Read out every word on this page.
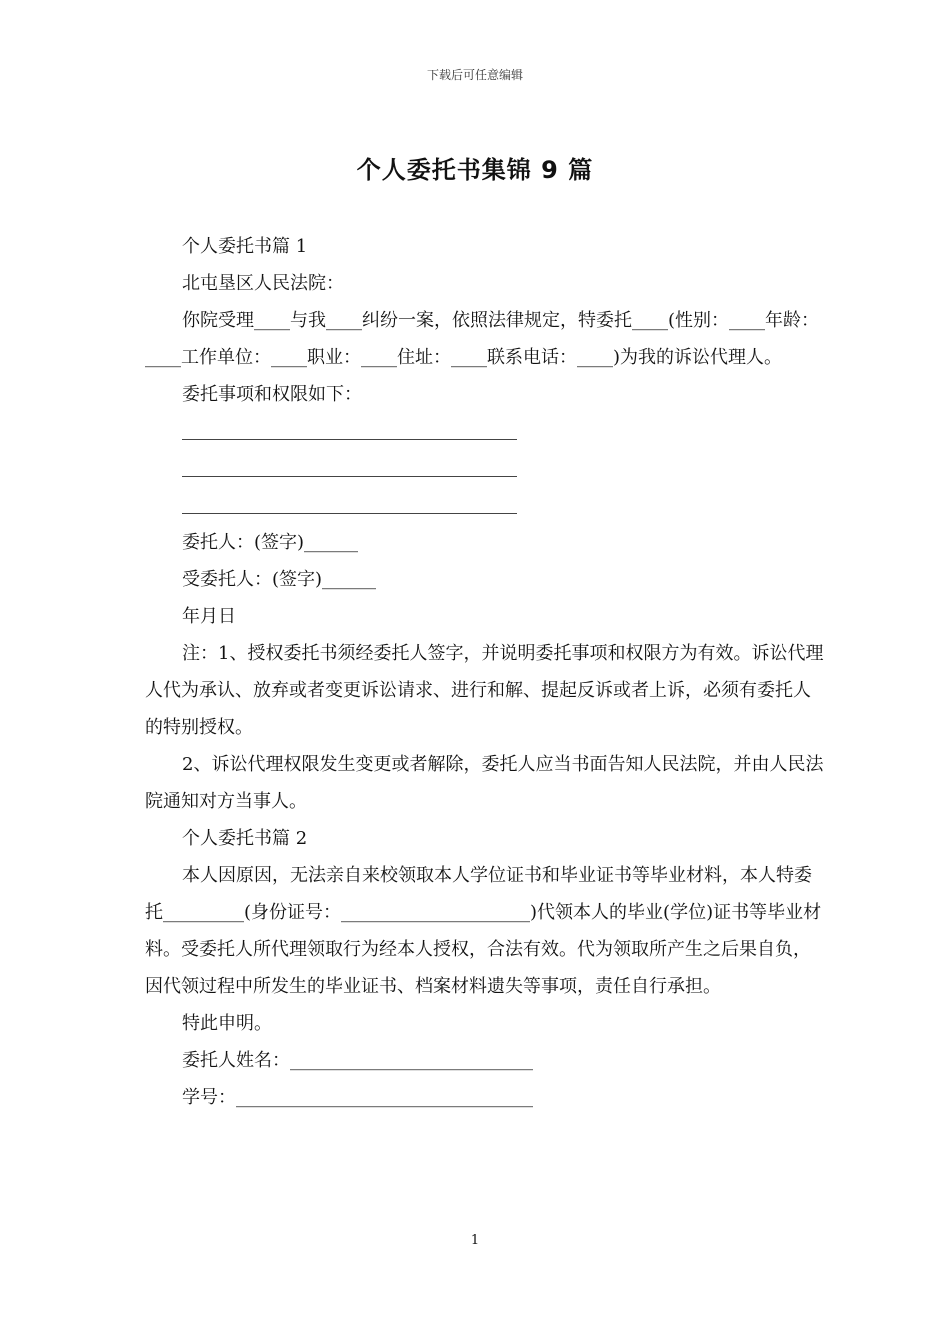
下载后可任意编辑
个人委托书集锦 9 篇

个人委托书篇 1

北屯垦区人民法院：

你院受理____与我____纠纷一案，依照法律规定，特委托____(性别：____年龄：____工作单位：____职业：____住址：____联系电话：____)为我的诉讼代理人。

委托事项和权限如下：

委托人：(签字)______

受委托人：(签字)______

年月日

注：1、授权委托书须经委托人签字，并说明委托事项和权限方为有效。诉讼代理人代为承认、放弃或者变更诉讼请求、进行和解、提起反诉或者上诉，必须有委托人的特别授权。

2、诉讼代理权限发生变更或者解除，委托人应当书面告知人民法院，并由人民法院通知对方当事人。

个人委托书篇 2

本人因原因，无法亲自来校领取本人学位证书和毕业证书等毕业材料，本人特委托_________(身份证号：_____________________)代领本人的毕业(学位)证书等毕业材料。受委托人所代理领取行为经本人授权，合法有效。代为领取所产生之后果自负，因代领过程中所发生的毕业证书、档案材料遗失等事项，责任自行承担。

特此申明。

委托人姓名：___________________________

学号：_________________________________

1
